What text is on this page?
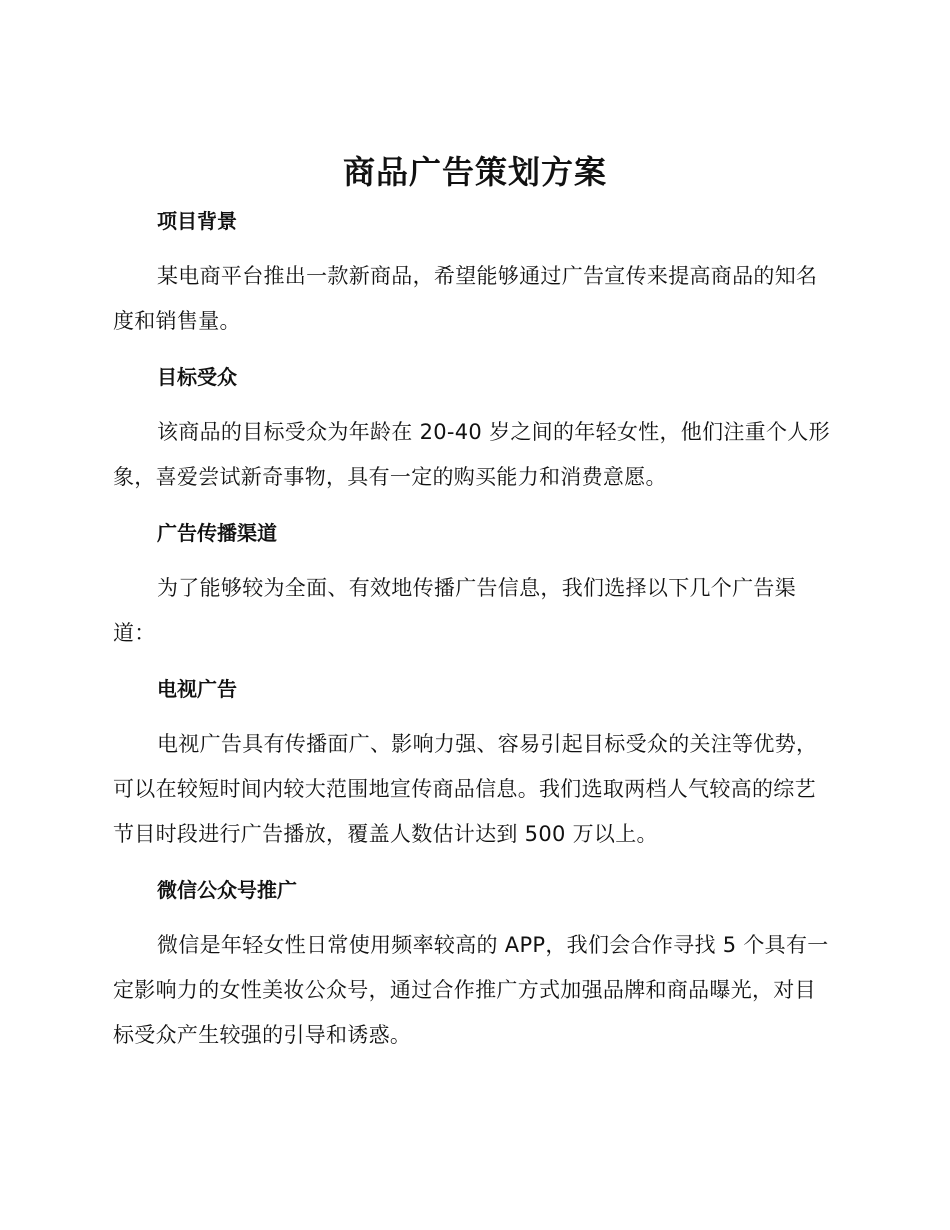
商品广告策划方案
项目背景

某电商平台推出一款新商品，希望能够通过广告宣传来提高商品的知名度和销售量。

目标受众

该商品的目标受众为年龄在 20-40 岁之间的年轻女性，他们注重个人形象，喜爱尝试新奇事物，具有一定的购买能力和消费意愿。

广告传播渠道

为了能够较为全面、有效地传播广告信息，我们选择以下几个广告渠道：

电视广告

电视广告具有传播面广、影响力强、容易引起目标受众的关注等优势，可以在较短时间内较大范围地宣传商品信息。我们选取两档人气较高的综艺节目时段进行广告播放，覆盖人数估计达到 500 万以上。

微信公众号推广

微信是年轻女性日常使用频率较高的 APP，我们会合作寻找 5 个具有一定影响力的女性美妆公众号，通过合作推广方式加强品牌和商品曝光，对目标受众产生较强的引导和诱惑。
